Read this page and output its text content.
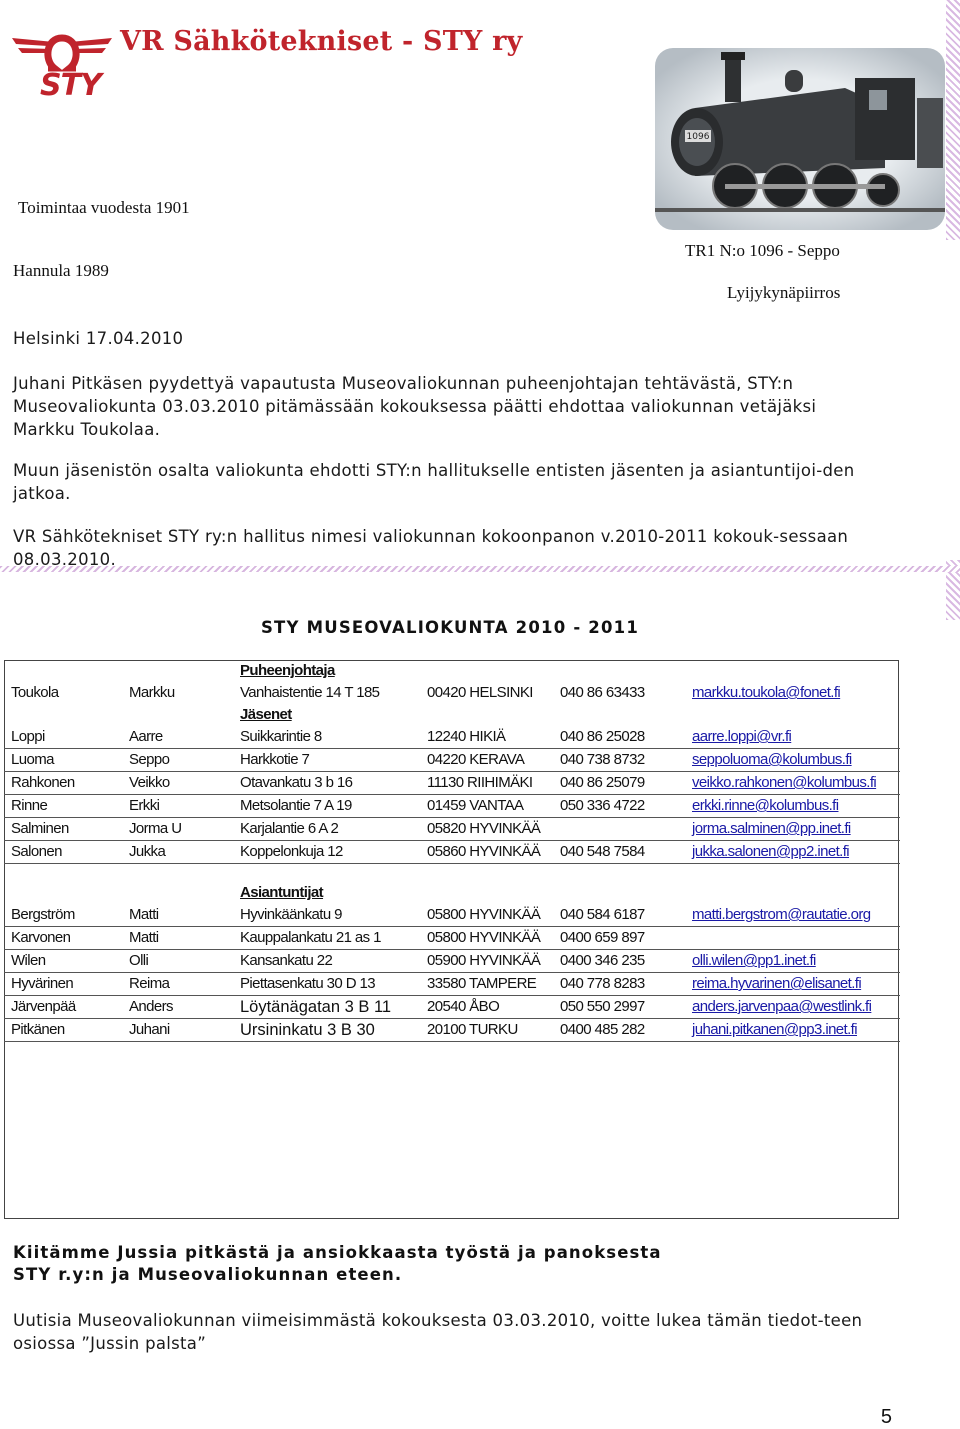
STY
VR Sähkötekniset - STY ry
1096
Toimintaa vuodesta 1901
Hannula 1989
TR1 N:o 1096 - Seppo
Lyijykynäpiirros
Helsinki 17.04.2010
Juhani Pitkäsen pyydettyä vapautusta Museovaliokunnan puheenjohtajan tehtävästä, STY:n Museovaliokunta 03.03.2010 pitämässään kokouksessa päätti ehdottaa valiokunnan vetäjäksi Markku Toukolaa.
Muun jäsenistön osalta valiokunta ehdotti STY:n hallitukselle entisten jäsenten ja asiantuntijoi-den jatkoa.
VR Sähkötekniset STY ry:n hallitus nimesi valiokunnan kokoonpanon v.2010-2011 kokouk-sessaan 08.03.2010.
STY MUSEOVALIOKUNTA 2010 - 2011
		Puheenjohtaja			
Toukola	Markku	Vanhaistentie 14 T 185	00420 HELSINKI	040 86 63433	markku.toukola@fonet.fi
		Jäsenet			
Loppi	Aarre	Suikkarintie 8	12240 HIKIÄ	040 86 25028	aarre.loppi@vr.fi
Luoma	Seppo	Harkkotie 7	04220 KERAVA	040 738 8732	seppoluoma@kolumbus.fi
Rahkonen	Veikko	Otavankatu 3 b 16	11130 RIIHIMÄKI	040 86 25079	veikko.rahkonen@kolumbus.fi
Rinne	Erkki	Metsolantie 7 A 19	01459 VANTAA	050 336 4722	erkki.rinne@kolumbus.fi
Salminen	Jorma U	Karjalantie 6 A 2	05820 HYVINKÄÄ		jorma.salminen@pp.inet.fi
Salonen	Jukka	Koppelonkuja 12	05860 HYVINKÄÄ	040 548 7584	jukka.salonen@pp2.inet.fi

		Asiantuntijat			
Bergström	Matti	Hyvinkäänkatu 9	05800 HYVINKÄÄ	040 584 6187	matti.bergstrom@rautatie.org
Karvonen	Matti	Kauppalankatu 21 as 1	05800 HYVINKÄÄ	0400 659 897	
Wilen	Olli	Kansankatu 22	05900 HYVINKÄÄ	0400 346 235	olli.wilen@pp1.inet.fi
Hyvärinen	Reima	Piettasenkatu 30 D 13	33580 TAMPERE	040 778 8283	reima.hyvarinen@elisanet.fi
Järvenpää	Anders	Löytänägatan 3 B 11	20540 ÅBO	050 550 2997	anders.jarvenpaa@westlink.fi
Pitkänen	Juhani	Ursininkatu 3 B 30	20100 TURKU	0400 485 282	juhani.pitkanen@pp3.inet.fi
Kiitämme Jussia pitkästä ja ansiokkaasta työstä ja panoksesta STY r.y:n ja Museovaliokunnan eteen.
Uutisia Museovaliokunnan viimeisimmästä kokouksesta 03.03.2010, voitte lukea tämän tiedot-teen osiossa ”Jussin palsta”
5
